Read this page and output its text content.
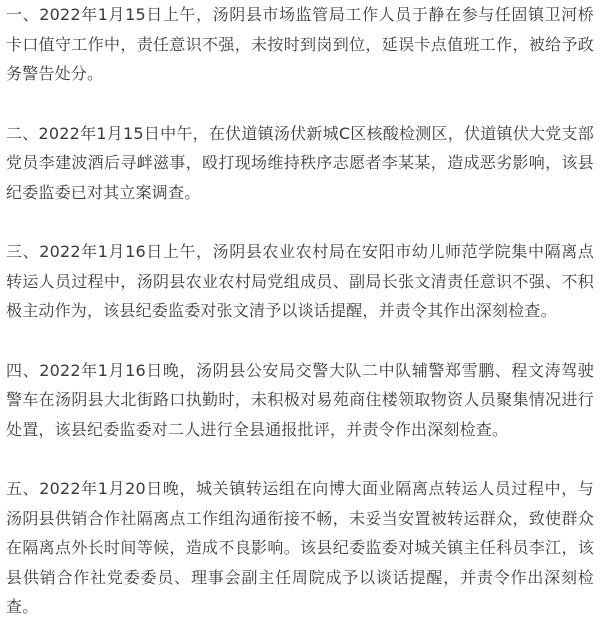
一、2022年1月15日上午，汤阴县市场监管局工作人员于静在参与任固镇卫河桥卡口值守工作中，责任意识不强，未按时到岗到位，延误卡点值班工作，被给予政务警告处分。

二、2022年1月15日中午，在伏道镇汤伏新城C区核酸检测区，伏道镇伏大党支部党员李建波酒后寻衅滋事，殴打现场维持秩序志愿者李某某，造成恶劣影响，该县纪委监委已对其立案调查。

三、2022年1月16日上午，汤阴县农业农村局在安阳市幼儿师范学院集中隔离点转运人员过程中，汤阴县农业农村局党组成员、副局长张文清责任意识不强、不积极主动作为，该县纪委监委对张文清予以谈话提醒，并责令其作出深刻检查。

四、2022年1月16日晚，汤阴县公安局交警大队二中队辅警郑雪鹏、程文涛驾驶警车在汤阴县大北街路口执勤时，未积极对易苑商住楼领取物资人员聚集情况进行处置，该县纪委监委对二人进行全县通报批评，并责令作出深刻检查。

五、2022年1月20日晚，城关镇转运组在向博大面业隔离点转运人员过程中，与汤阴县供销合作社隔离点工作组沟通衔接不畅，未妥当安置被转运群众，致使群众在隔离点外长时间等候，造成不良影响。该县纪委监委对城关镇主任科员李江，该县供销合作社党委委员、理事会副主任周院成予以谈话提醒，并责令作出深刻检查。
